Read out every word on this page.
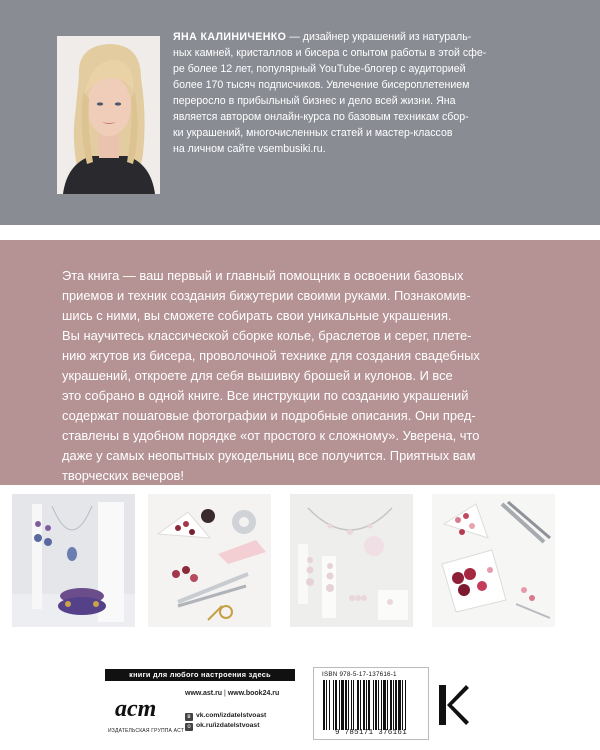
ЯНА КАЛИНИЧЕНКО — дизайнер украшений из натураль-
ных камней, кристаллов и бисера с опытом работы в этой сфе-
ре более 12 лет, популярный YouTube-блогер с аудиторией
более 170 тысяч подписчиков. Увлечение бисероплетением
переросло в прибыльный бизнес и дело всей жизни. Яна
является автором онлайн-курса по базовым техникам сбор-
ки украшений, многочисленных статей и мастер-классов
на личном сайте vsembusiki.ru.
Эта книга — ваш первый и главный помощник в освоении базовых
приемов и техник создания бижутерии своими руками. Познакомив-
шись с ними, вы сможете собирать свои уникальные украшения.
Вы научитесь классической сборке колье, браслетов и серег, плете-
нию жгутов из бисера, проволочной технике для создания свадебных
украшений, откроете для себя вышивку брошей и кулонов. И все
это собрано в одной книге. Все инструкции по созданию украшений
содержат пошаговые фотографии и подробные описания. Они пред-
ставлены в удобном порядке «от простого к сложному». Уверена, что
даже у самых неопытных рукодельниц все получится. Приятных вам
творческих вечеров!
книги для любого настроения здесь
аст
ИЗДАТЕЛЬСКАЯ ГРУППА АСТ
www.ast.ru | www.book24.ru
в vk.com/izdatelstvoast
о ok.ru/izdatelstvoast
ISBN 978-5-17-137616-1
9 785171 376161
